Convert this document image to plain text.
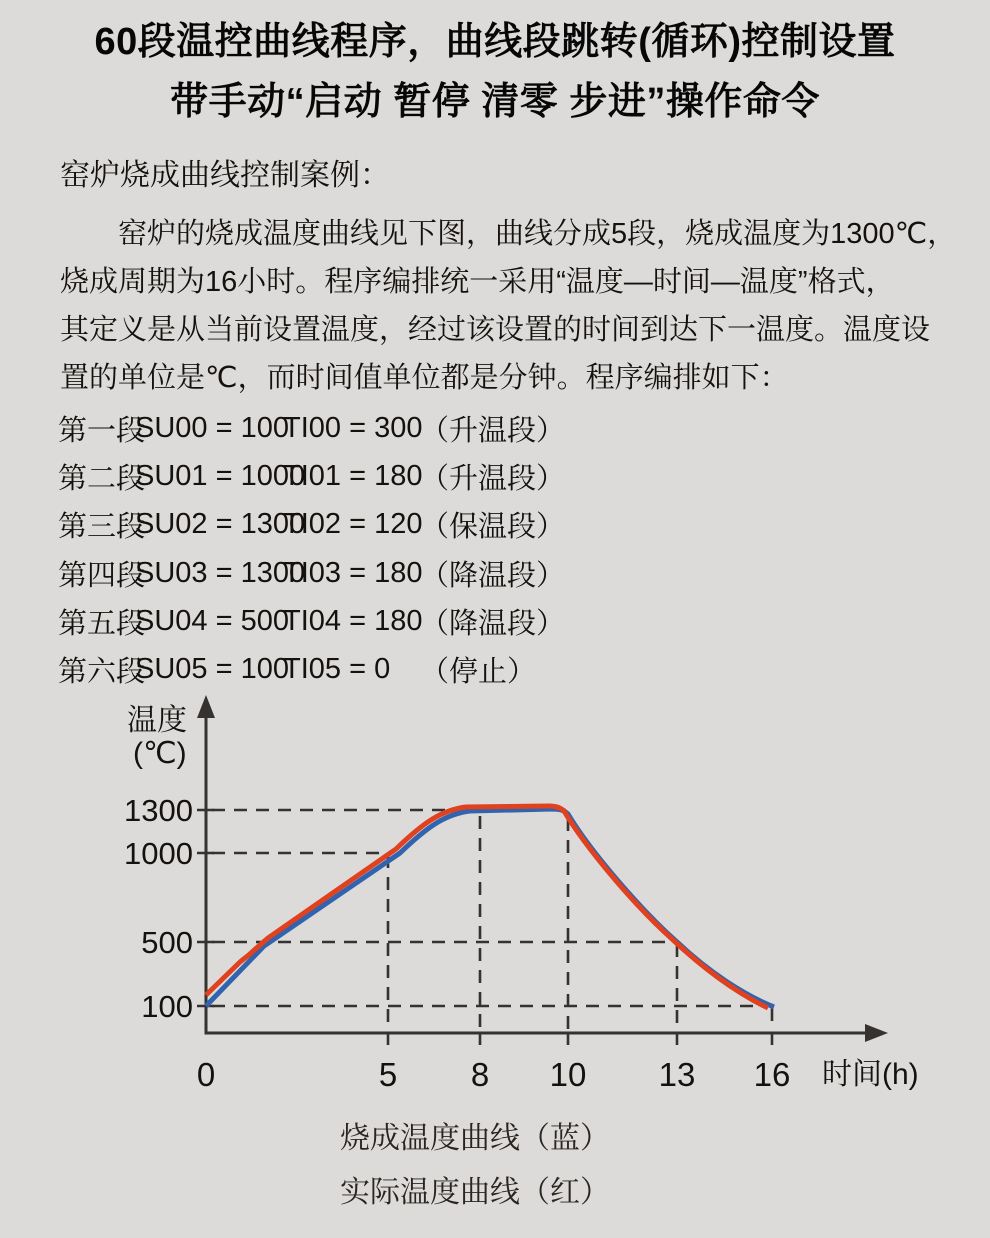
60段温控曲线程序，曲线段跳转(循环)控制设置
带手动“启动 暂停 清零 步进”操作命令
窑炉烧成曲线控制案例：
窑炉的烧成温度曲线见下图，曲线分成5段，烧成温度为1300℃，
烧成周期为16小时。程序编排统一采用“温度—时间—温度”格式，
其定义是从当前设置温度，经过该设置的时间到达下一温度。温度设
置的单位是℃，而时间值单位都是分钟。程序编排如下：
第一段
SU00 = 100
TI00 = 300
（升温段）
第二段
SU01 = 1000
TI01 = 180
（升温段）
第三段
SU02 = 1300
TI02 = 120
（保温段）
第四段
SU03 = 1300
TI03 = 180
（降温段）
第五段
SU04 = 500
TI04 = 180
（降温段）
第六段
SU05 = 100
TI05 = 0	（停止）
温度
(℃)
时间(h)
1300
1000
500
100
0	5 8 10 13 16
烧成温度曲线（蓝）
实际温度曲线（红）
